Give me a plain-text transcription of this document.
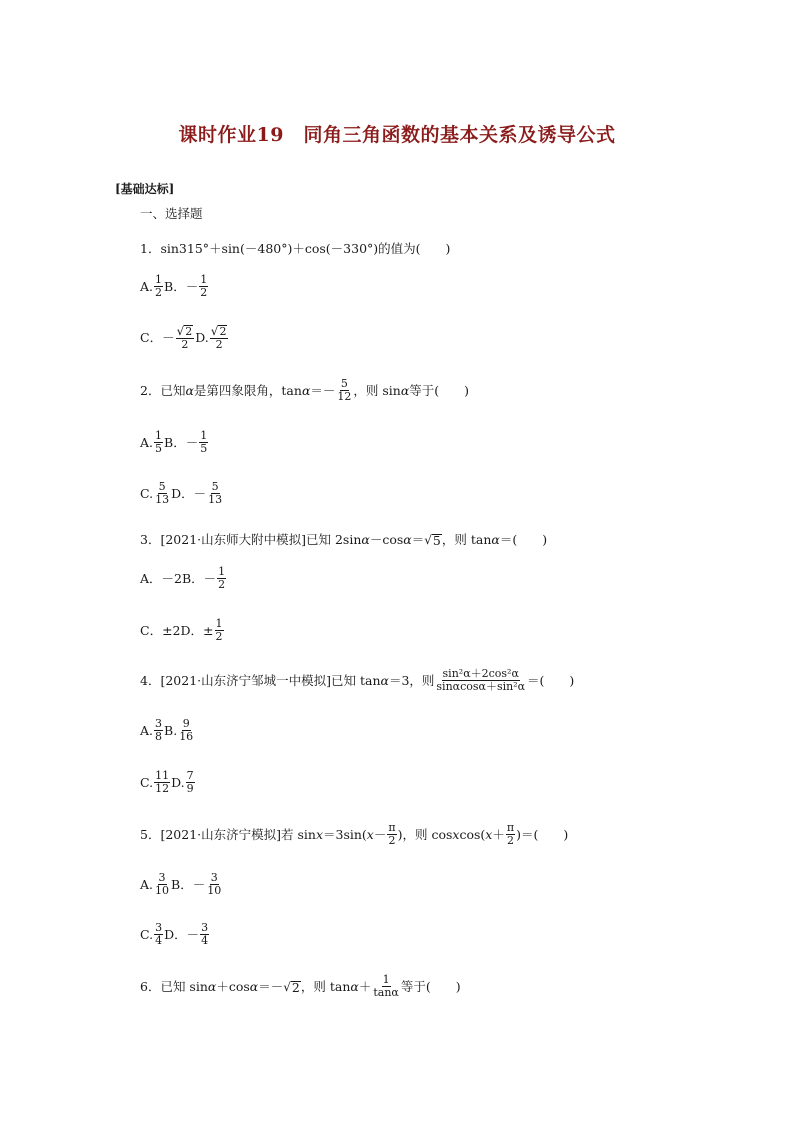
课时作业19　同角三角函数的基本关系及诱导公式
[基础达标]
一、选择题
1．sin315°＋sin(－480°)＋cos(－330°)的值为(　　)
A. $\frac{1}{2}$ B．－ $\frac{1}{2}$
C．－ $\frac{√ 2}{2} D$. $\frac{√ 2}{2}$
2．已知 α 是第四象限角，$\tan \alpha =- \frac{5}{12}$ ，则 sin α 等于(　　)
A. $\frac{1}{5}$ B．－ $\frac{1}{5}$
C. $\frac{5}{13}$ D．－ $\frac{5}{13}$
3．[2021·山东师大附中模拟]已知 2sin α －cos α ＝ √ 5 ，则 tan α ＝(　　)
A．－2 B．－ $\frac{1}{2}$
C．±2 D．± $\frac{1}{2}$
4．[2021·山东济宁邹城一中模拟]已知 tan α ＝3，则 $\frac{\text{sin²α＋2cos²α}}{\text{sinαcosα＋sin²α}}$ ＝(　　)
A. $\frac{3}{8} B$. $\frac{9}{16}$
C. $\frac{11}{12} D$. $\frac{7}{9}$
5．[2021·山东济宁模拟]若 sin x ＝3sin( $x - \frac{\pi}{2}$ )，则 cos x cos( $x + \frac{\pi}{2}$ )＝(　　)
A. $\frac{3}{10}$ B．－ $\frac{3}{10}$
C. $\frac{3}{4}$ D．－ $\frac{3}{4}$
6．已知 sin α ＋cos α ＝－ √ 2 ，则 $\tan \alpha + \frac{1}{\tan\alpha}$ 等于(　　)
